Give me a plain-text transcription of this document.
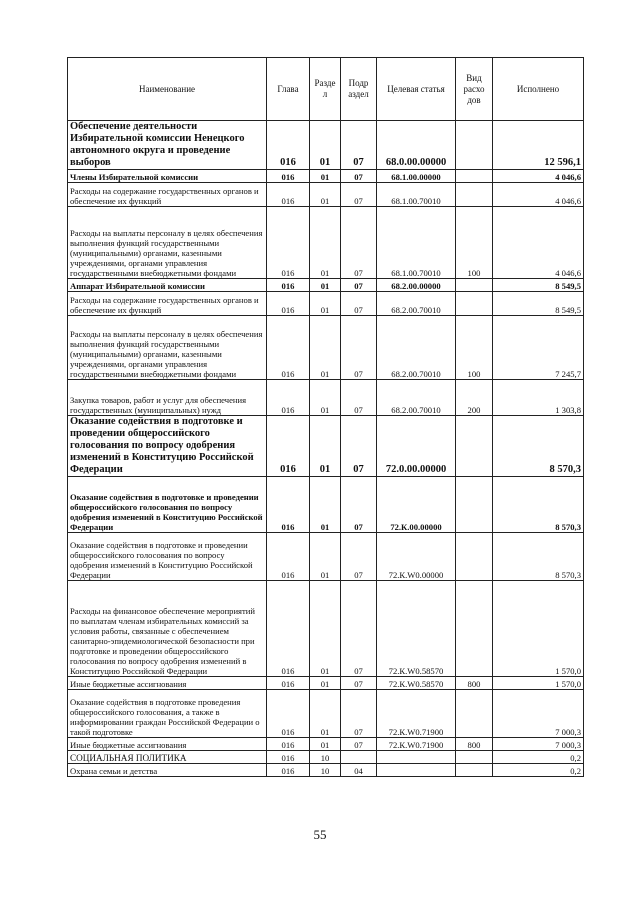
Наименование	Глава	Разде л	Подр аздел	Целевая статья	Вид расхо дов	Исполнено
Обеспечение деятельности Избирательной комиссии Ненецкого автономного округа и проведение выборов	016	01	07	68.0.00.00000		12 596,1
Члены Избирательной комиссии	016	01	07	68.1.00.00000		4 046,6
Расходы на содержание государственных органов и обеспечение их функций	016	01	07	68.1.00.70010		4 046,6
Расходы на выплаты персоналу в целях обеспечения выполнения функций государственными (муниципальными) органами, казенными учреждениями, органами управления государственными внебюджетными фондами	016	01	07	68.1.00.70010	100	4 046,6
Аппарат Избирательной комиссии	016	01	07	68.2.00.00000		8 549,5
Расходы на содержание государственных органов и обеспечение их функций	016	01	07	68.2.00.70010		8 549,5
Расходы на выплаты персоналу в целях обеспечения выполнения функций государственными (муниципальными) органами, казенными учреждениями, органами управления государственными внебюджетными фондами	016	01	07	68.2.00.70010	100	7 245,7
Закупка товаров, работ и услуг для обеспечения государственных (муниципальных) нужд	016	01	07	68.2.00.70010	200	1 303,8
Оказание содействия в подготовке и проведении общероссийского голосования по вопросу одобрения изменений в Конституцию Российской Федерации	016	01	07	72.0.00.00000		8 570,3
Оказание содействия в подготовке и проведении общероссийского голосования по вопросу одобрения изменений в Конституцию Российской Федерации	016	01	07	72.К.00.00000		8 570,3
Оказание содействия в подготовке и проведении общероссийского голосования по вопросу одобрения изменений в Конституцию Российской Федерации	016	01	07	72.К.W0.00000		8 570,3
Расходы на финансовое обеспечение мероприятий по выплатам членам избирательных комиссий за условия работы, связанные с обеспечением санитарно-эпидемиологической безопасности при подготовке и проведении общероссийского голосования по вопросу одобрения изменений в Конституцию Российской Федерации	016	01	07	72.К.W0.58570		1 570,0
Иные бюджетные ассигнования	016	01	07	72.К.W0.58570	800	1 570,0
Оказание содействия в подготовке проведения общероссийского голосования, а также в информировании граждан Российской Федерации о такой подготовке	016	01	07	72.К.W0.71900		7 000,3
Иные бюджетные ассигнования	016	01	07	72.К.W0.71900	800	7 000,3
СОЦИАЛЬНАЯ ПОЛИТИКА	016	10				0,2
Охрана семьи и детства	016	10	04			0,2
55
